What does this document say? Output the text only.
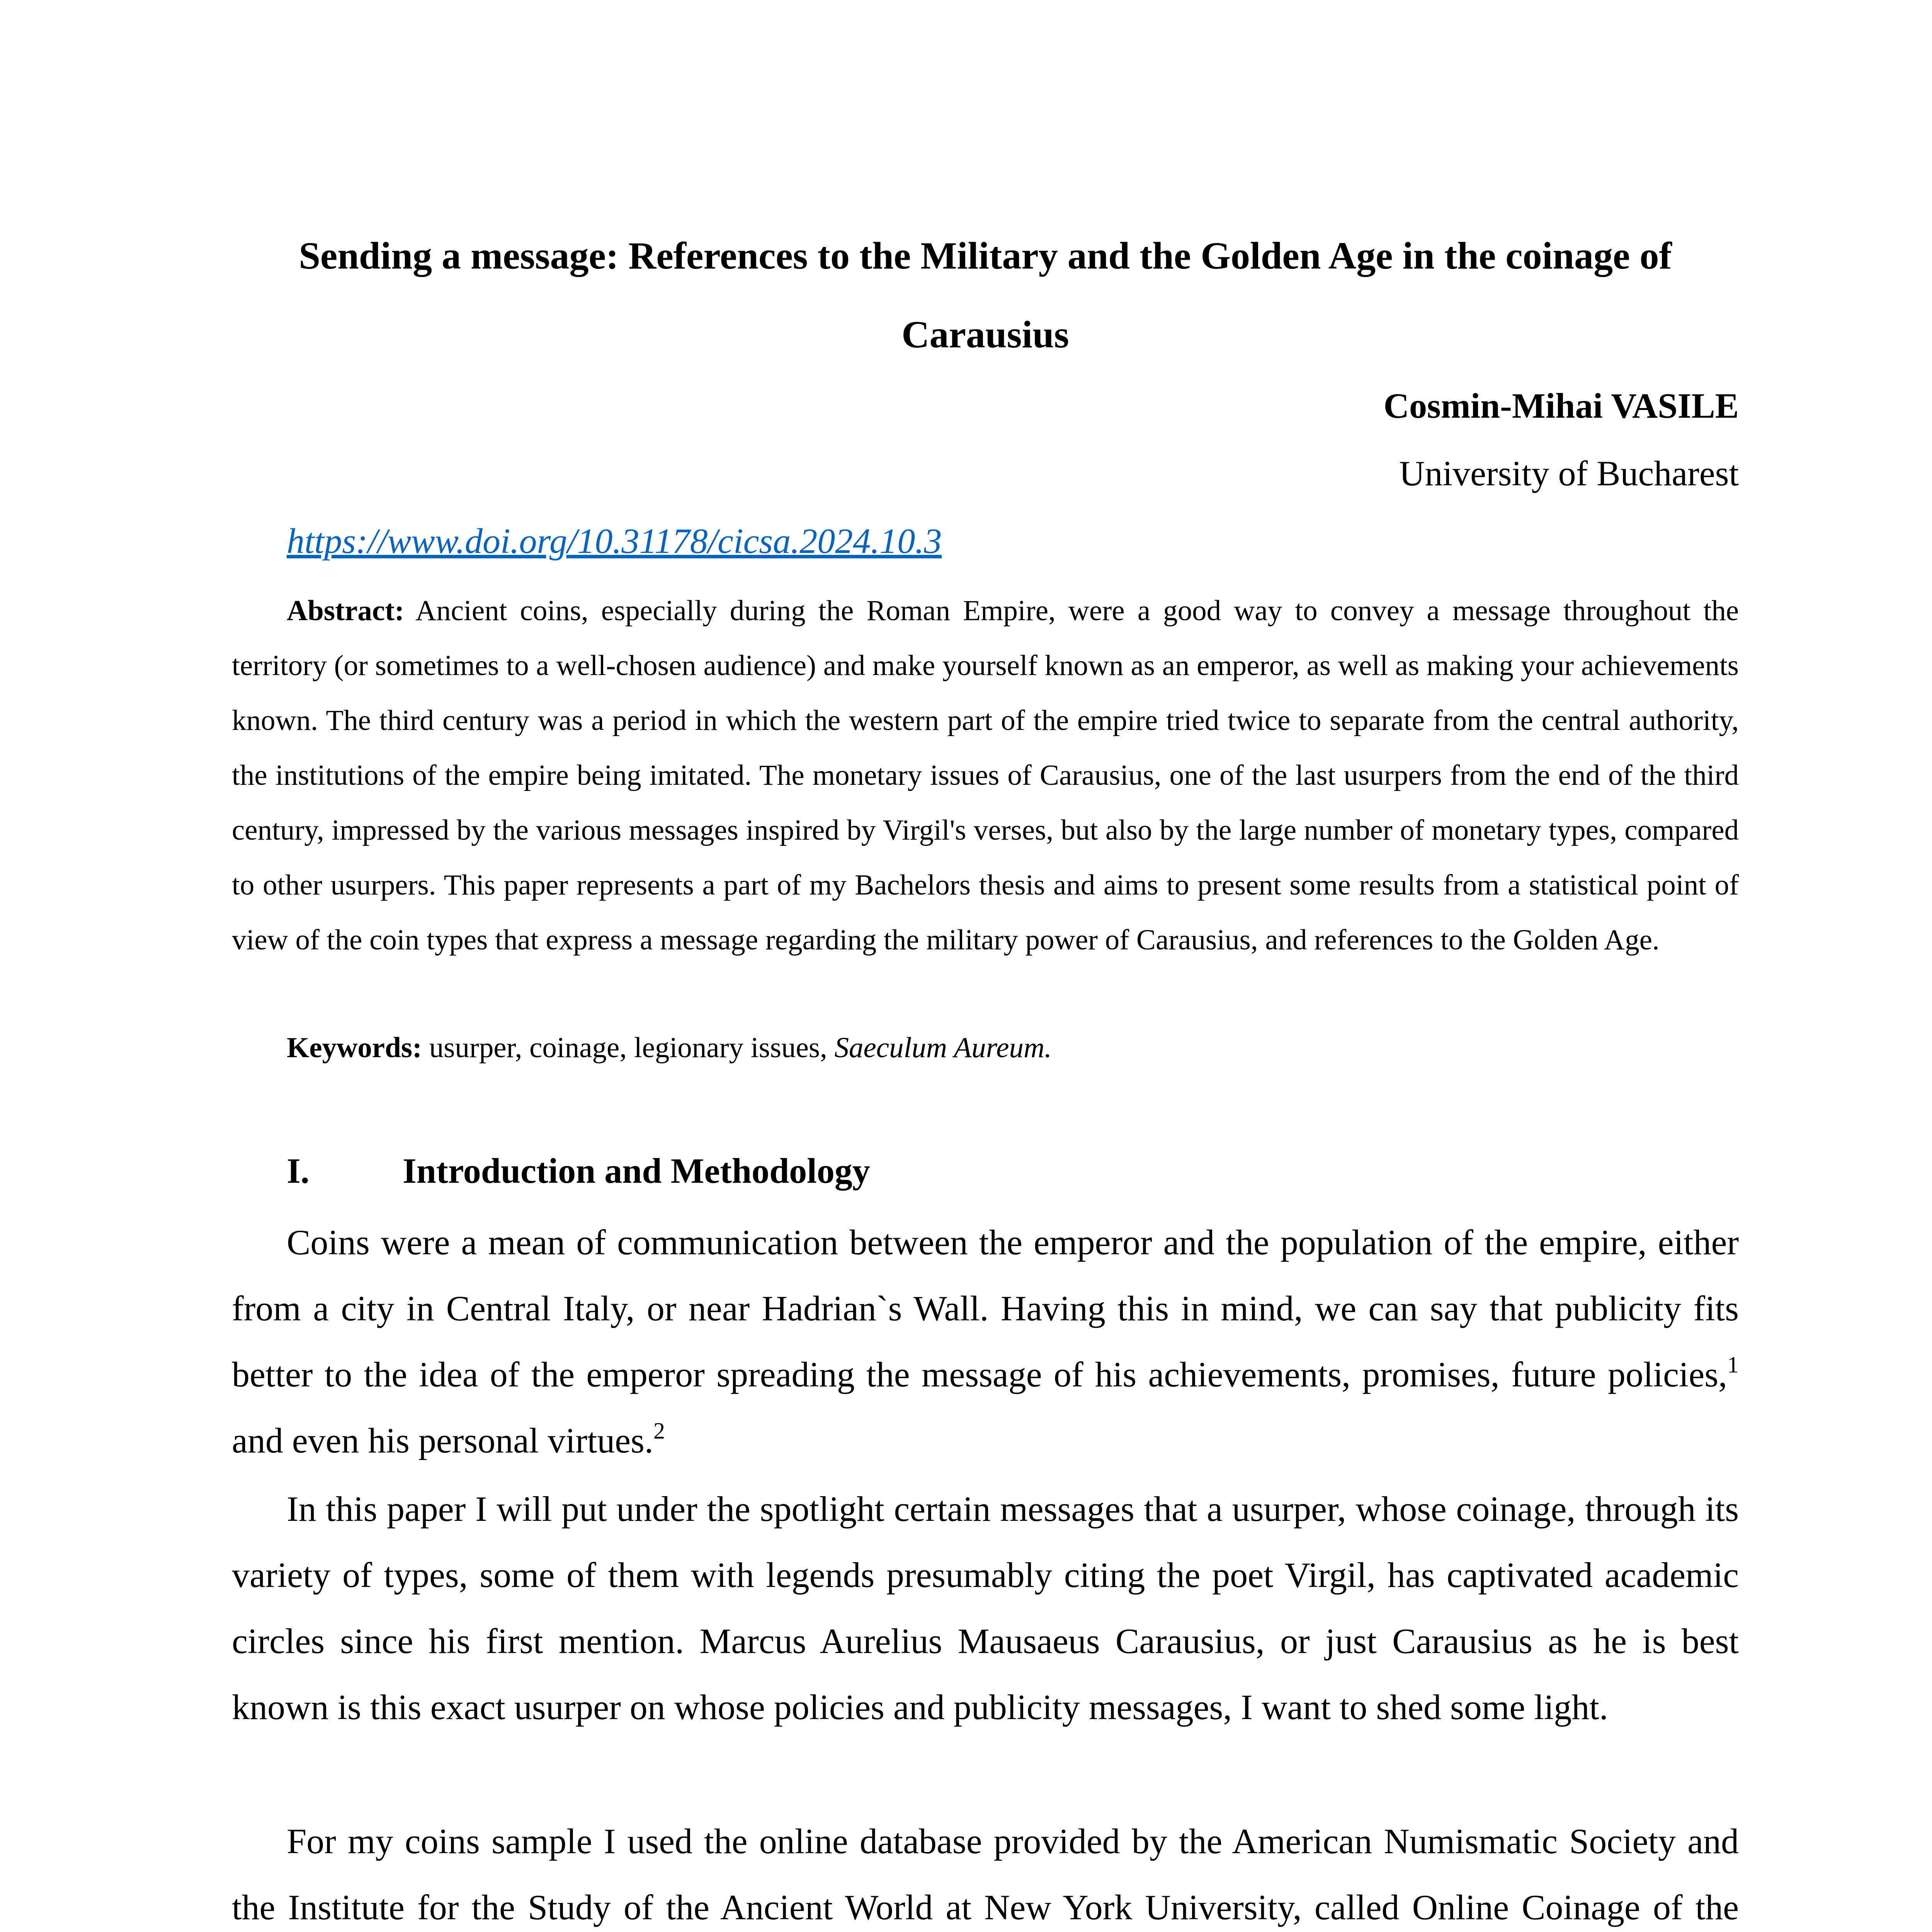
Sending a message: References to the Military and the Golden Age in the coinage of Carausius

Cosmin-Mihai VASILE

University of Bucharest

https://www.doi.org/10.31178/cicsa.2024.10.3

Abstract: Ancient coins, especially during the Roman Empire, were a good way to convey a message throughout the territory (or sometimes to a well-chosen audience) and make yourself known as an emperor, as well as making your achievements known. The third century was a period in which the western part of the empire tried twice to separate from the central authority, the institutions of the empire being imitated. The monetary issues of Carausius, one of the last usurpers from the end of the third century, impressed by the various messages inspired by Virgil's verses, but also by the large number of monetary types, compared to other usurpers. This paper represents a part of my Bachelors thesis and aims to present some results from a statistical point of view of the coin types that express a message regarding the military power of Carausius, and references to the Golden Age.

Keywords: usurper, coinage, legionary issues, Saeculum Aureum.

I.	Introduction and Methodology

Coins were a mean of communication between the emperor and the population of the empire, either from a city in Central Italy, or near Hadrian`s Wall. Having this in mind, we can say that publicity fits better to the idea of the emperor spreading the message of his achievements, promises, future policies,$^1$ and even his personal virtues.$^2$

In this paper I will put under the spotlight certain messages that a usurper, whose coinage, through its variety of types, some of them with legends presumably citing the poet Virgil, has captivated academic circles since his first mention. Marcus Aurelius Mausaeus Carausius, or just Carausius as he is best known is this exact usurper on whose policies and publicity messages, I want to shed some light.

For my coins sample I used the online database provided by the American Numismatic Society and the Institute for the Study of the Ancient World at New York University, called Online Coinage of the
